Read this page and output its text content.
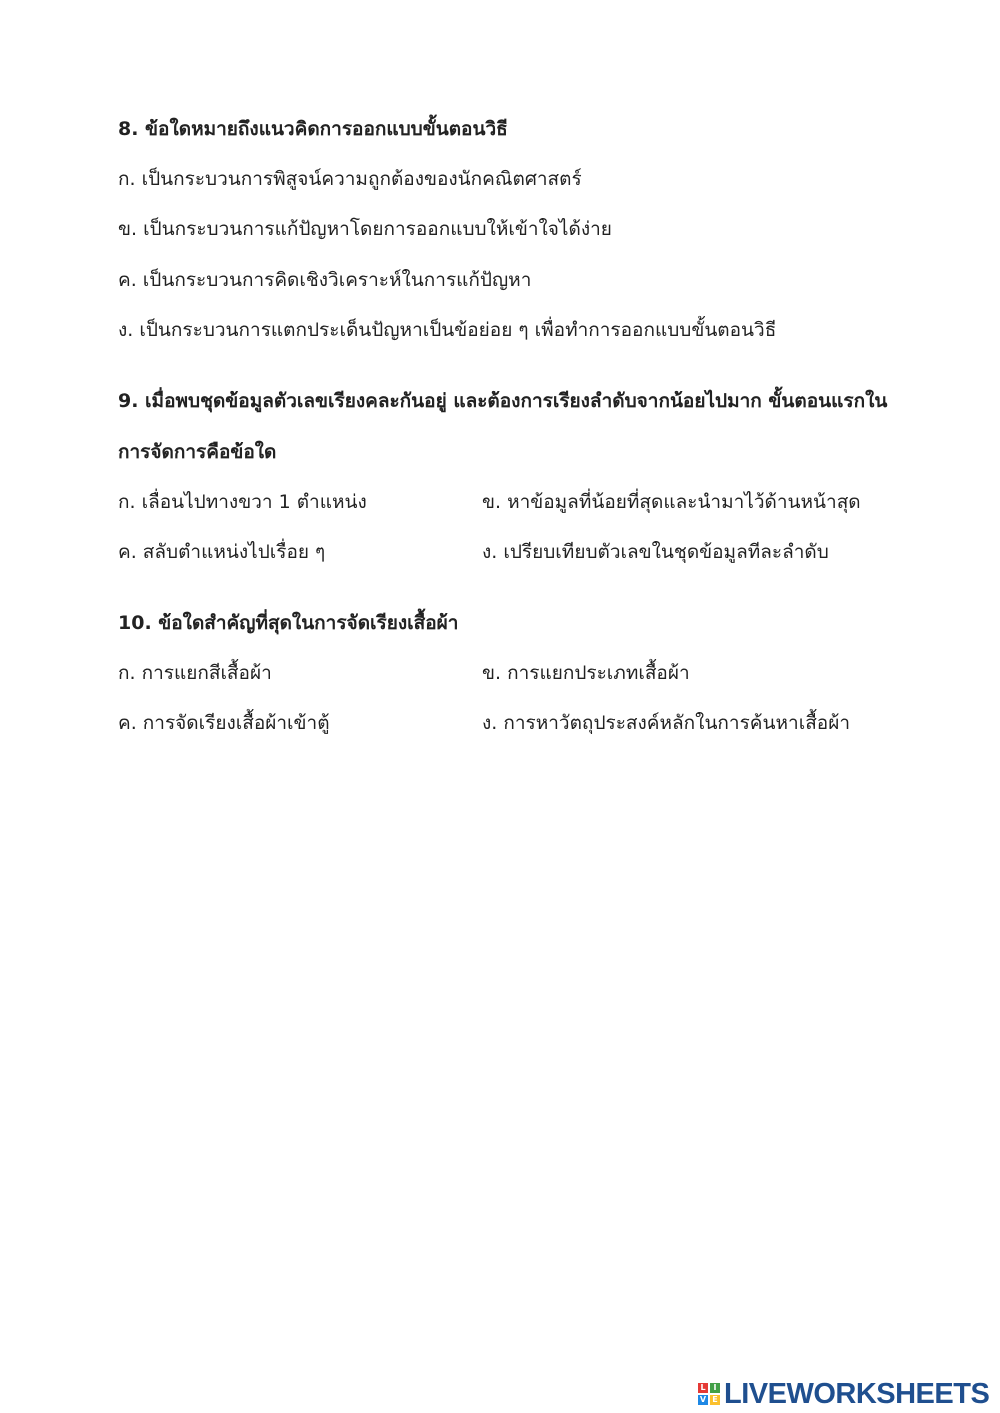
8. ข้อใดหมายถึงแนวคิดการออกแบบขั้นตอนวิธี
ก. เป็นกระบวนการพิสูจน์ความถูกต้องของนักคณิตศาสตร์
ข. เป็นกระบวนการแก้ปัญหาโดยการออกแบบให้เข้าใจได้ง่าย
ค. เป็นกระบวนการคิดเชิงวิเคราะห์ในการแก้ปัญหา
ง. เป็นกระบวนการแตกประเด็นปัญหาเป็นข้อย่อย ๆ เพื่อทำการออกแบบขั้นตอนวิธี
9. เมื่อพบชุดข้อมูลตัวเลขเรียงคละกันอยู่ และต้องการเรียงลำดับจากน้อยไปมาก ขั้นตอนแรกใน
การจัดการคือข้อใด
ก. เลื่อนไปทางขวา 1 ตำแหน่ง	ข. หาข้อมูลที่น้อยที่สุดและนำมาไว้ด้านหน้าสุด
ค. สลับตำแหน่งไปเรื่อย ๆ	ง. เปรียบเทียบตัวเลขในชุดข้อมูลทีละลำดับ
10. ข้อใดสำคัญที่สุดในการจัดเรียงเสื้อผ้า
ก. การแยกสีเสื้อผ้า	ข. การแยกประเภทเสื้อผ้า
ค. การจัดเรียงเสื้อผ้าเข้าตู้	ง. การหาวัตถุประสงค์หลักในการค้นหาเสื้อผ้า
L I
V E LIVEWORKSHEETS
